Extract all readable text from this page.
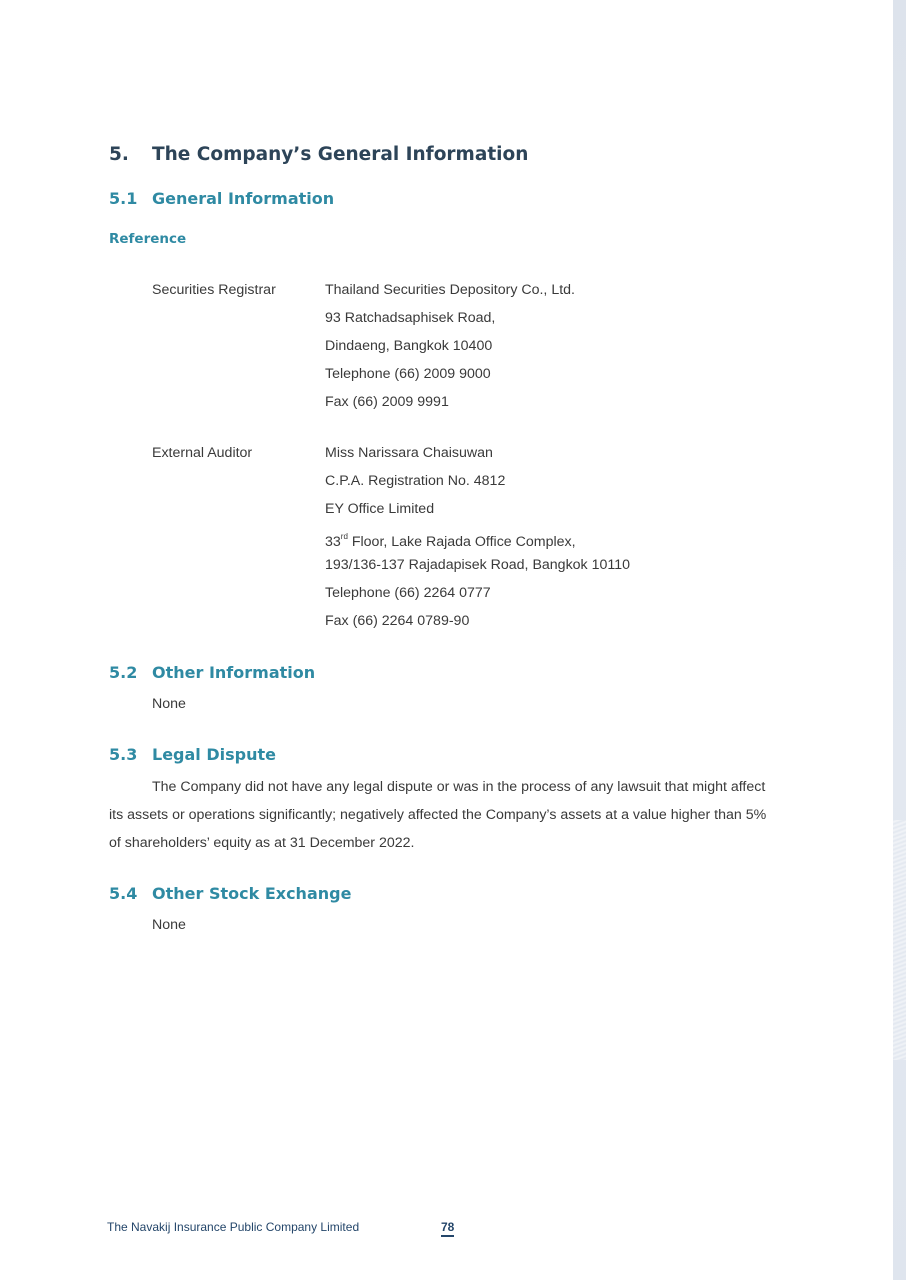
5. The Company’s General Information
5.1 General Information
Reference
Securities Registrar	Thailand Securities Depository Co., Ltd.
93 Ratchadsaphisek Road,
Dindaeng, Bangkok 10400
Telephone (66) 2009 9000
Fax (66) 2009 9991
External Auditor	Miss Narissara Chaisuwan
C.P.A. Registration No. 4812
EY Office Limited
33rd Floor, Lake Rajada Office Complex,
193/136-137 Rajadapisek Road, Bangkok 10110
Telephone (66) 2264 0777
Fax (66) 2264 0789-90
5.2 Other Information
None
5.3 Legal Dispute
The Company did not have any legal dispute or was in the process of any lawsuit that might affect
its assets or operations significantly; negatively affected the Company’s assets at a value higher than 5%
of shareholders’ equity as at 31 December 2022.
5.4 Other Stock Exchange
None
The Navakij Insurance Public Company Limited	78
